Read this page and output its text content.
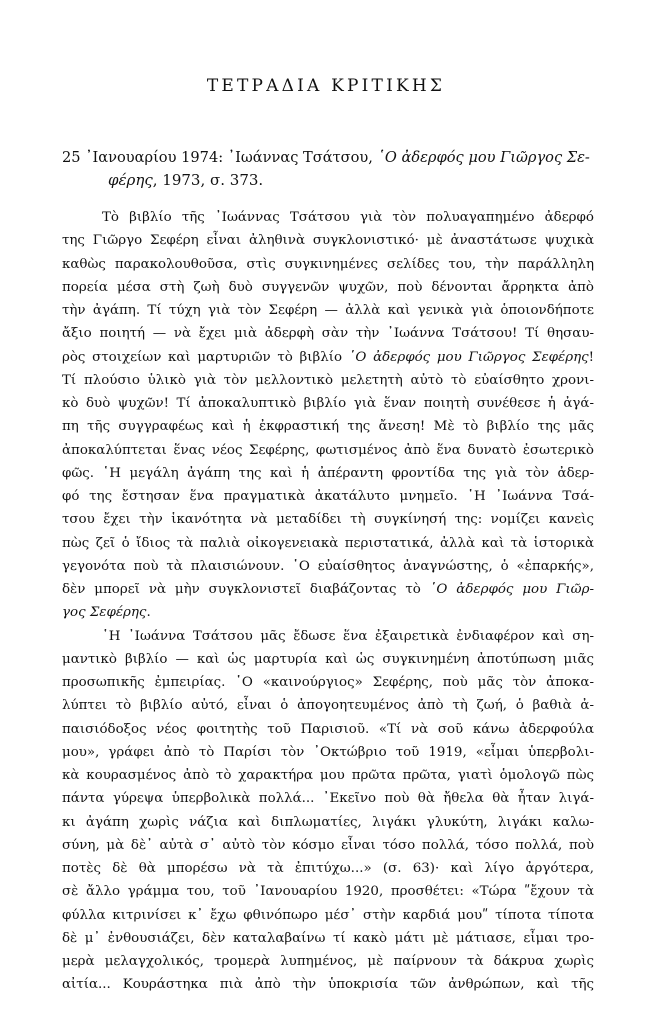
ΤΕΤΡΑΔΙΑ ΚΡΙΤΙΚΗΣ
25 ᾽Ιανουαρίου 1974: ᾽Ιωάννας Τσάτσου, ῾Ο ἀδερφός μου Γιῶργος Σε-
φέρης, 1973, σ. 373.
Τὸ βιβλίο τῆς ᾽Ιωάννας Τσάτσου γιὰ τὸν πολυαγαπημένο ἀδερφό
της Γιῶργο Σεφέρη εἶναι ἀληθινὰ συγκλονιστικό· μὲ ἀναστάτωσε ψυχικὰ
καθὼς παρακολουθοῦσα, στὶς συγκινημένες σελίδες του, τὴν παράλληλη
πορεία μέσα στὴ ζωὴ δυὸ συγγενῶν ψυχῶν, ποὺ δένονται ἄρρηκτα ἀπὸ
τὴν ἀγάπη. Τί τύχη γιὰ τὸν Σεφέρη — ἀλλὰ καὶ γενικὰ γιὰ ὁποιονδήποτε
ἄξιο ποιητή — νὰ ἔχει μιὰ ἀδερφὴ σὰν τὴν ᾽Ιωάννα Τσάτσου! Τί θησαυ-
ρὸς στοιχείων καὶ μαρτυριῶν τὸ βιβλίο ῾Ο ἀδερφός μου Γιῶργος Σεφέρης!
Τί πλούσιο ὑλικὸ γιὰ τὸν μελλοντικὸ μελετητὴ αὐτὸ τὸ εὐαίσθητο χρονι-
κὸ δυὸ ψυχῶν! Τί ἀποκαλυπτικὸ βιβλίο γιὰ ἕναν ποιητὴ συνέθεσε ἡ ἀγά-
πη τῆς συγγραφέως καὶ ἡ ἐκφραστική της ἄνεση! Μὲ τὸ βιβλίο της μᾶς
ἀποκαλύπτεται ἕνας νέος Σεφέρης, φωτισμένος ἀπὸ ἕνα δυνατὸ ἐσωτερικὸ
φῶς. ῾Η μεγάλη ἀγάπη της καὶ ἡ ἀπέραντη φροντίδα της γιὰ τὸν ἀδερ-
φό της ἔστησαν ἕνα πραγματικὰ ἀκατάλυτο μνημεῖο. ῾Η ᾽Ιωάννα Τσά-
τσου ἔχει τὴν ἱκανότητα νὰ μεταδίδει τὴ συγκίνησή της: νομίζει κανεὶς
πὼς ζεῖ ὁ ἴδιος τὰ παλιὰ οἰκογενειακὰ περιστατικά, ἀλλὰ καὶ τὰ ἱστορικὰ
γεγονότα ποὺ τὰ πλαισιώνουν. ῾Ο εὐαίσθητος ἀναγνώστης, ὁ «ἐπαρκής»,
δὲν μπορεῖ νὰ μὴν συγκλονιστεῖ διαβάζοντας τὸ ῾Ο ἀδερφός μου Γιῶρ-
γος Σεφέρης.
῾Η ᾽Ιωάννα Τσάτσου μᾶς ἔδωσε ἕνα ἐξαιρετικὰ ἐνδιαφέρον καὶ ση-
μαντικὸ βιβλίο — καὶ ὡς μαρτυρία καὶ ὡς συγκινημένη ἀποτύπωση μιᾶς
προσωπικῆς ἐμπειρίας. ῾Ο «καινούργιος» Σεφέρης, ποὺ μᾶς τὸν ἀποκα-
λύπτει τὸ βιβλίο αὐτό, εἶναι ὁ ἀπογοητευμένος ἀπὸ τὴ ζωή, ὁ βαθιὰ ἀ-
παισιόδοξος νέος φοιτητὴς τοῦ Παρισιοῦ. «Τί νὰ σοῦ κάνω ἀδερφούλα
μου», γράφει ἀπὸ τὸ Παρίσι τὸν ᾽Οκτώβριο τοῦ 1919, «εἶμαι ὑπερβολι-
κὰ κουρασμένος ἀπὸ τὸ χαρακτήρα μου πρῶτα πρῶτα, γιατὶ ὁμολογῶ πὼς
πάντα γύρεψα ὑπερβολικὰ πολλά... ᾽Εκεῖνο ποὺ θὰ ἤθελα θὰ ἦταν λιγά-
κι ἀγάπη χωρὶς νάζια καὶ διπλωματίες, λιγάκι γλυκύτη, λιγάκι καλω-
σύνη, μὰ δὲ᾽ αὐτὰ σ᾽ αὐτὸ τὸν κόσμο εἶναι τόσο πολλά, τόσο πολλά, ποὺ
ποτὲς δὲ θὰ μπορέσω νὰ τὰ ἐπιτύχω...» (σ. 63)· καὶ λίγο ἀργότερα,
σὲ ἄλλο γράμμα του, τοῦ ᾽Ιανουαρίου 1920, προσθέτει: «Τώρα ʺἔχουν τὰ
φύλλα κιτρινίσει κ᾽ ἔχω φθινόπωρο μέσ᾽ στὴν καρδιά μουʺ τίποτα τίποτα
δὲ μ᾽ ἐνθουσιάζει, δὲν καταλαβαίνω τί κακὸ μάτι μὲ μάτιασε, εἶμαι τρο-
μερὰ μελαγχολικός, τρομερὰ λυπημένος, μὲ παίρνουν τὰ δάκρυα χωρὶς
αἰτία... Κουράστηκα πιὰ ἀπὸ τὴν ὑποκρισία τῶν ἀνθρώπων, καὶ τῆς
